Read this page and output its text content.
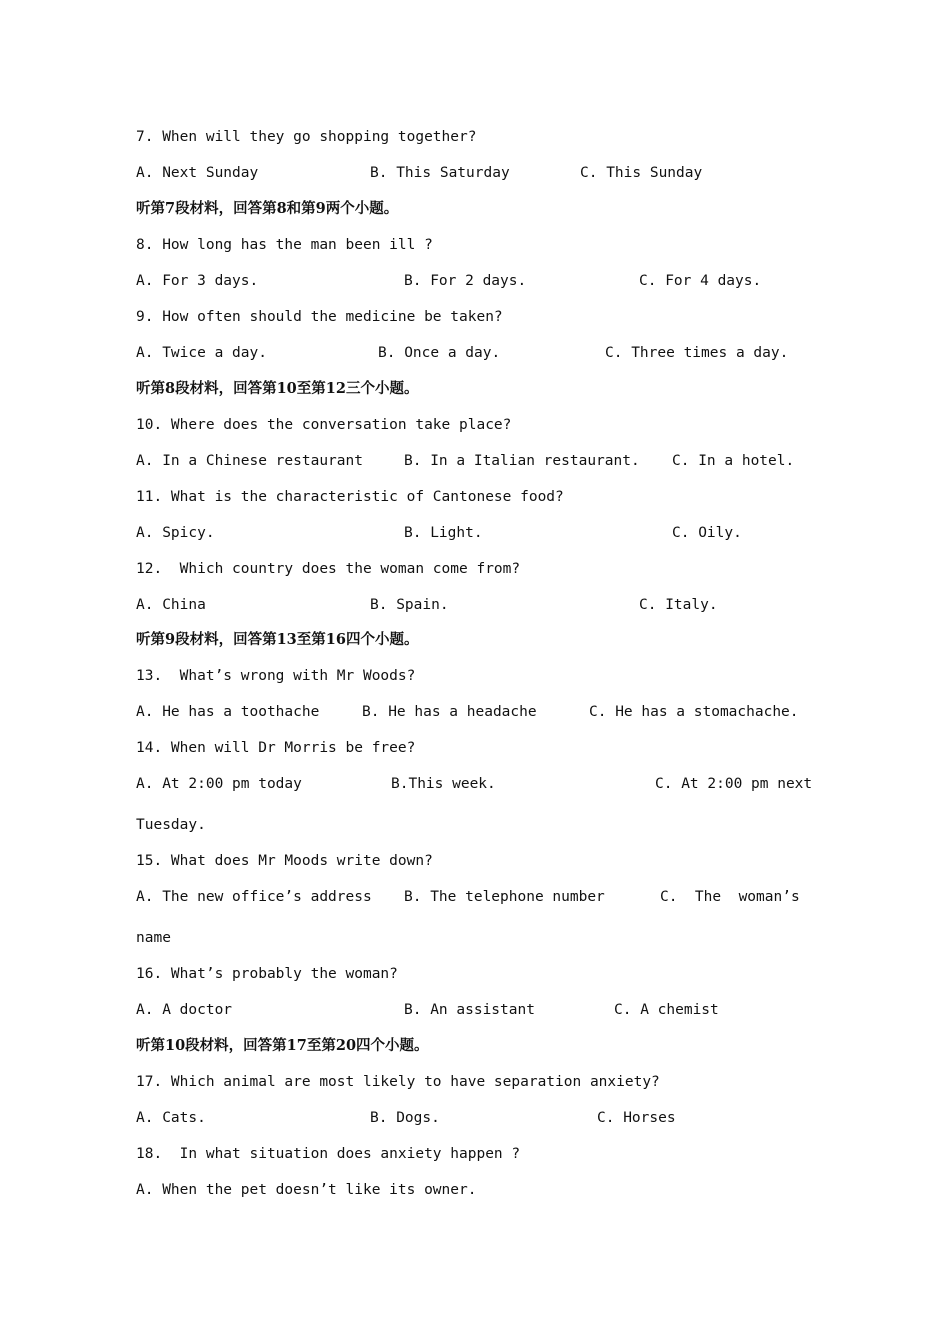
7. When will they go shopping together?

A. Next Sunday	B. This Saturday	C. This Sunday

听第7段材料，回答第8和第9两个小题。

8. How long has the man been ill ?

A. For 3 days.	B. For 2 days.	C. For 4 days.

9. How often should the medicine be taken?

A. Twice a day.	B. Once a day.	C. Three times a day.

听第8段材料，回答第10至第12三个小题。

10. Where does the conversation take place?

A. In a Chinese restaurant	B. In a Italian restaurant. C. In a hotel.

11. What is the characteristic of Cantonese food?

A. Spicy.	B. Light.	C. Oily.

12.  Which country does the woman come from?

A. China	B. Spain.	C. Italy.

听第9段材料，回答第13至第16四个小题。

13.  What’s wrong with Mr Woods?

A. He has a toothache	B. He has a headache	C. He has a stomachache.

14. When will Dr Morris be free?

A. At 2:00 pm today	B.This week.	C. At 2:00 pm next

Tuesday.

15. What does Mr Moods write down?

A. The new office’s address B. The telephone number	C.  The  woman’s

name

16. What’s probably the woman?

A. A doctor	B. An assistant	C. A chemist

听第10段材料，回答第17至第20四个小题。

17. Which animal are most likely to have separation anxiety?

A. Cats.	B. Dogs.	C. Horses

18.  In what situation does anxiety happen ?

A. When the pet doesn’t like its owner.
